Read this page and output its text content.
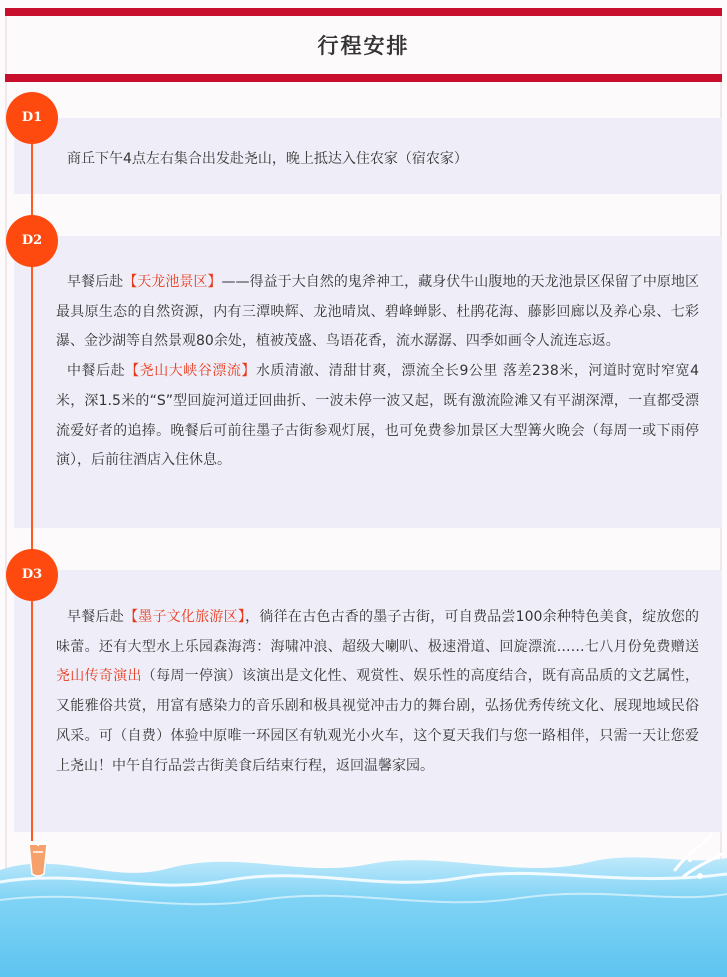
行程安排
D1
D2
D3

商丘下午4点左右集合出发赴尧山，晚上抵达入住农家（宿农家）

早餐后赴【天龙池景区】——得益于大自然的鬼斧神工，藏身伏牛山腹地的天龙池景区保留了中原地区最具原生态的自然资源，内有三潭映辉、龙池晴岚、碧峰蝉影、杜鹃花海、藤影回廊以及养心泉、七彩瀑、金沙湖等自然景观80余处，植被茂盛、鸟语花香，流水潺潺、四季如画令人流连忘返。

中餐后赴【尧山大峡谷漂流】水质清澈、清甜甘爽，漂流全长9公里 落差238米，河道时宽时窄宽4米，深1.5米的“S”型回旋河道迂回曲折、一波未停一波又起，既有激流险滩又有平湖深潭，一直都受漂流爱好者的追捧。晚餐后可前往墨子古街参观灯展，也可免费参加景区大型篝火晚会（每周一或下雨停演），后前往酒店入住休息。

早餐后赴【墨子文化旅游区】，徜徉在古色古香的墨子古街，可自费品尝100余种特色美食，绽放您的味蕾。还有大型水上乐园森海湾：海啸冲浪、超级大喇叭、极速滑道、回旋漂流……七八月份免费赠送尧山传奇演出（每周一停演）该演出是文化性、观赏性、娱乐性的高度结合，既有高品质的文艺属性，又能雅俗共赏，用富有感染力的音乐剧和极具视觉冲击力的舞台剧，弘扬优秀传统文化、展现地域民俗风采。可（自费）体验中原唯一环园区有轨观光小火车，这个夏天我们与您一路相伴，只需一天让您爱上尧山！中午自行品尝古街美食后结束行程，返回温馨家园。
